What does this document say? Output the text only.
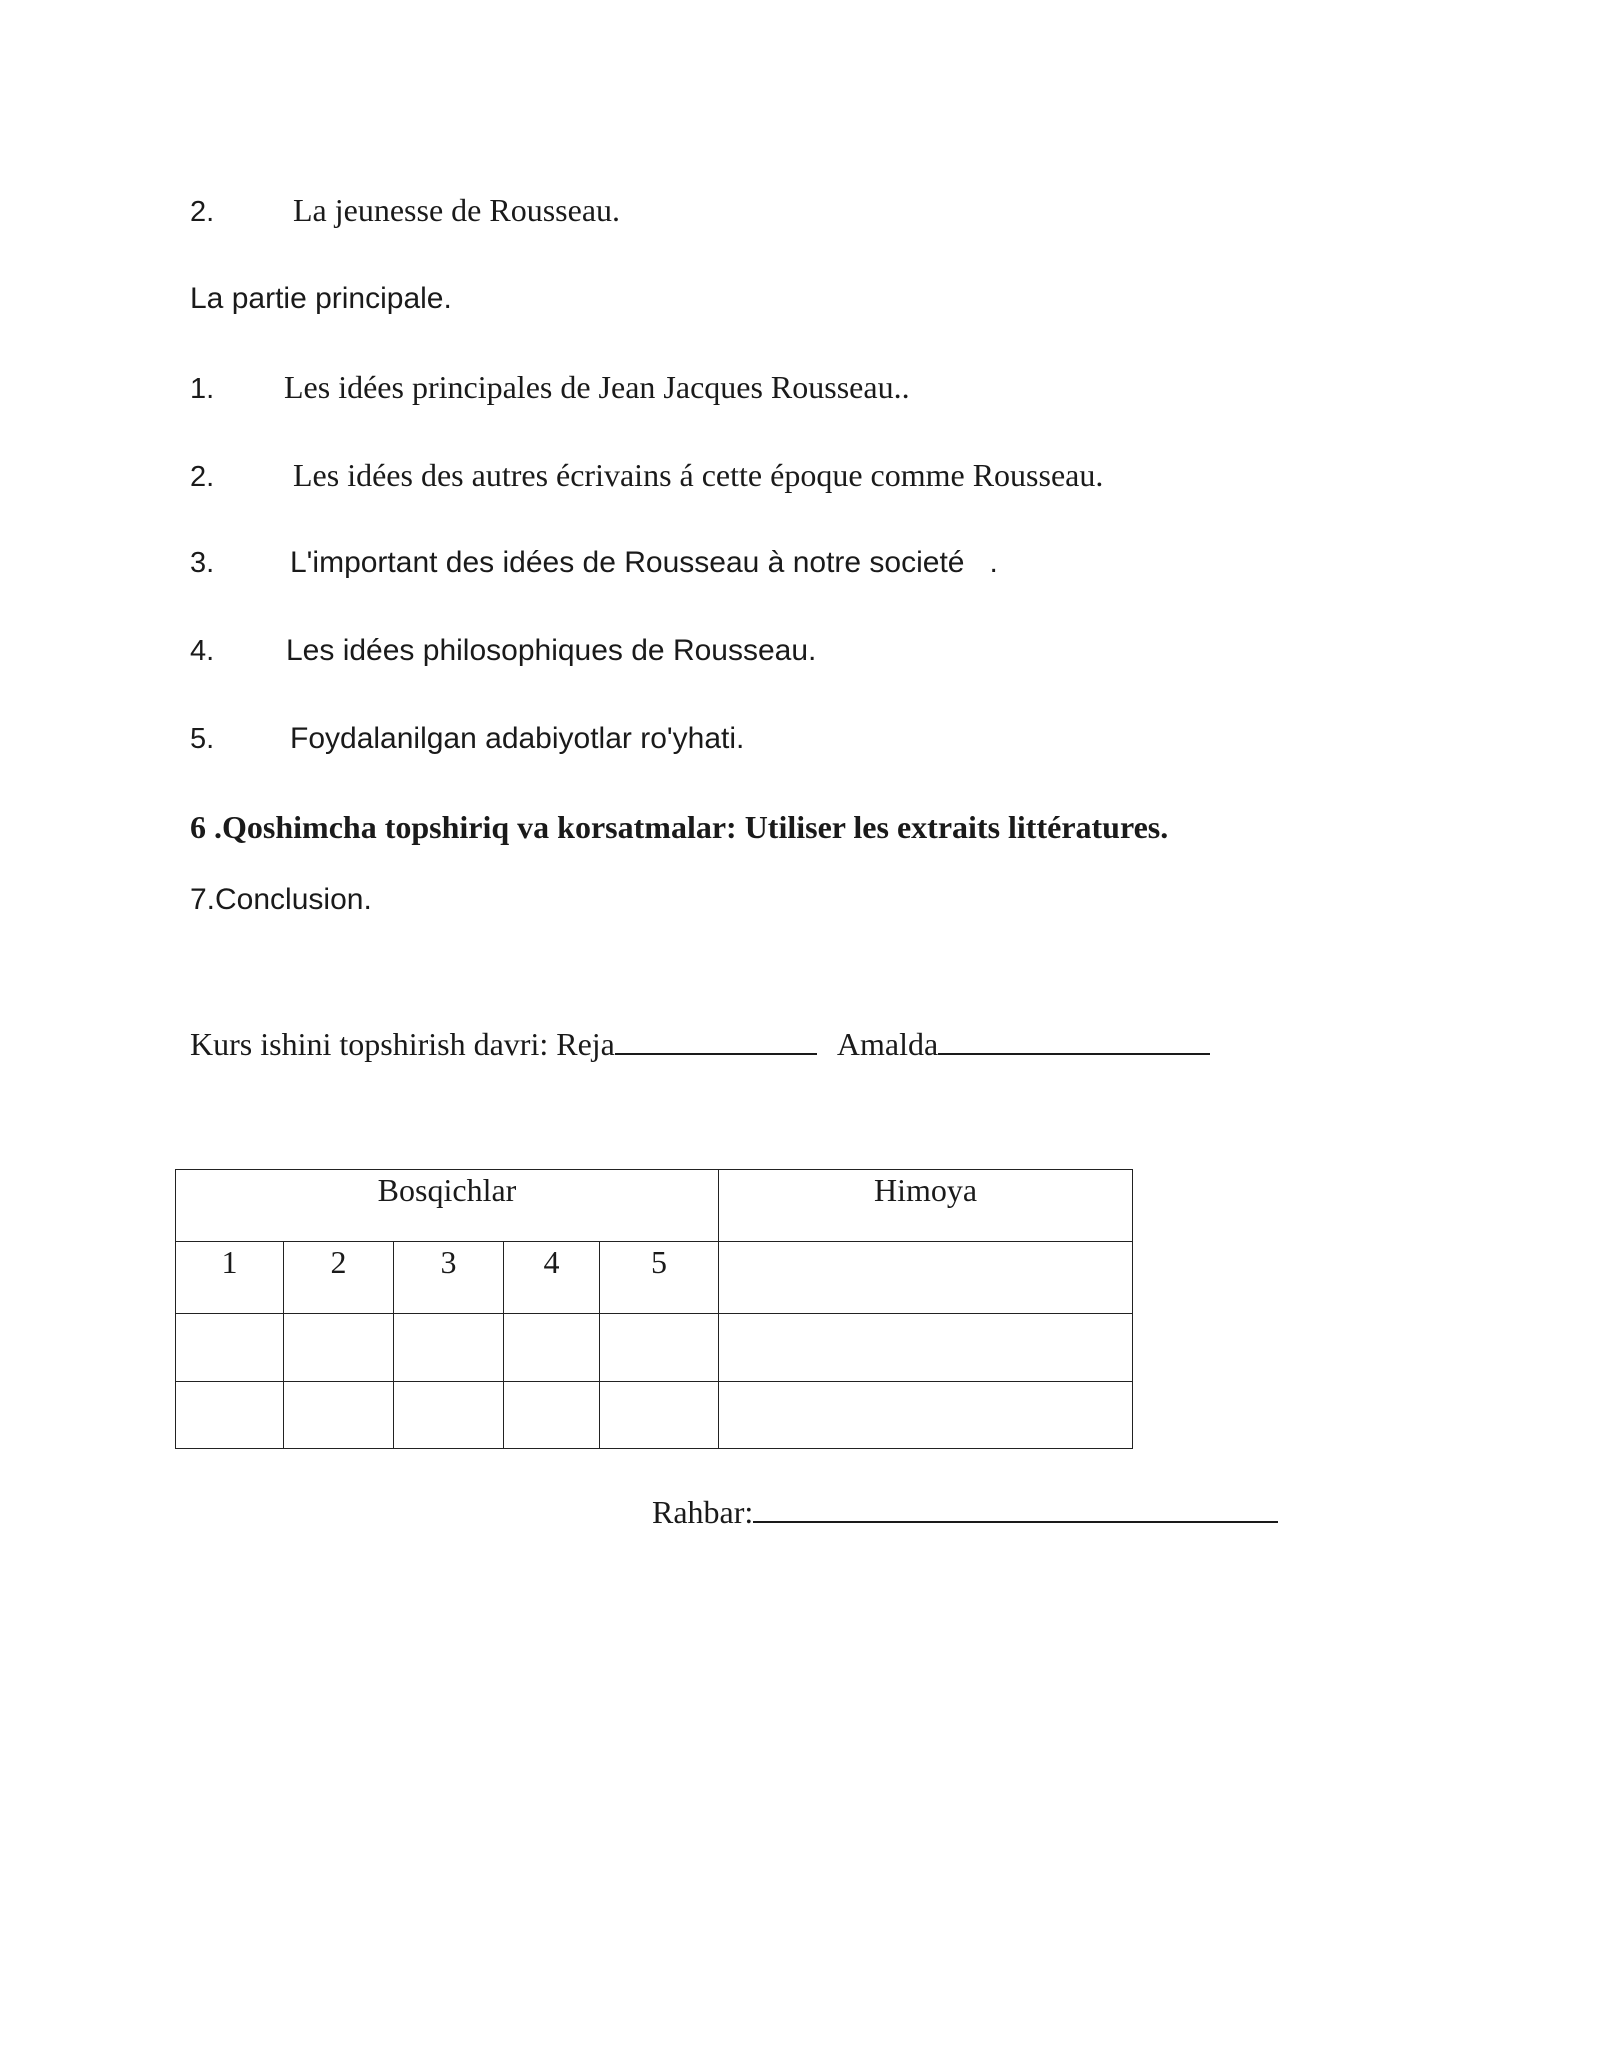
2. La jeunesse de Rousseau.
La partie principale.
1. Les idées principales de Jean Jacques Rousseau..
2. Les idées des autres écrivains á cette époque comme Rousseau.
3.	L'important des idées de Rousseau à notre societé   .
4. Les idées philosophiques de Rousseau.
5.	Foydalanilgan adabiyotlar ro'yhati.
6 .Qoshimcha topshiriq va korsatmalar: Utiliser les extraits littératures.
7.Conclusion.
Kurs ishini topshirish davri: Reja	Amalda
Bosqichlar					Himoya
1	2	3	4	5	

Rahbar:
